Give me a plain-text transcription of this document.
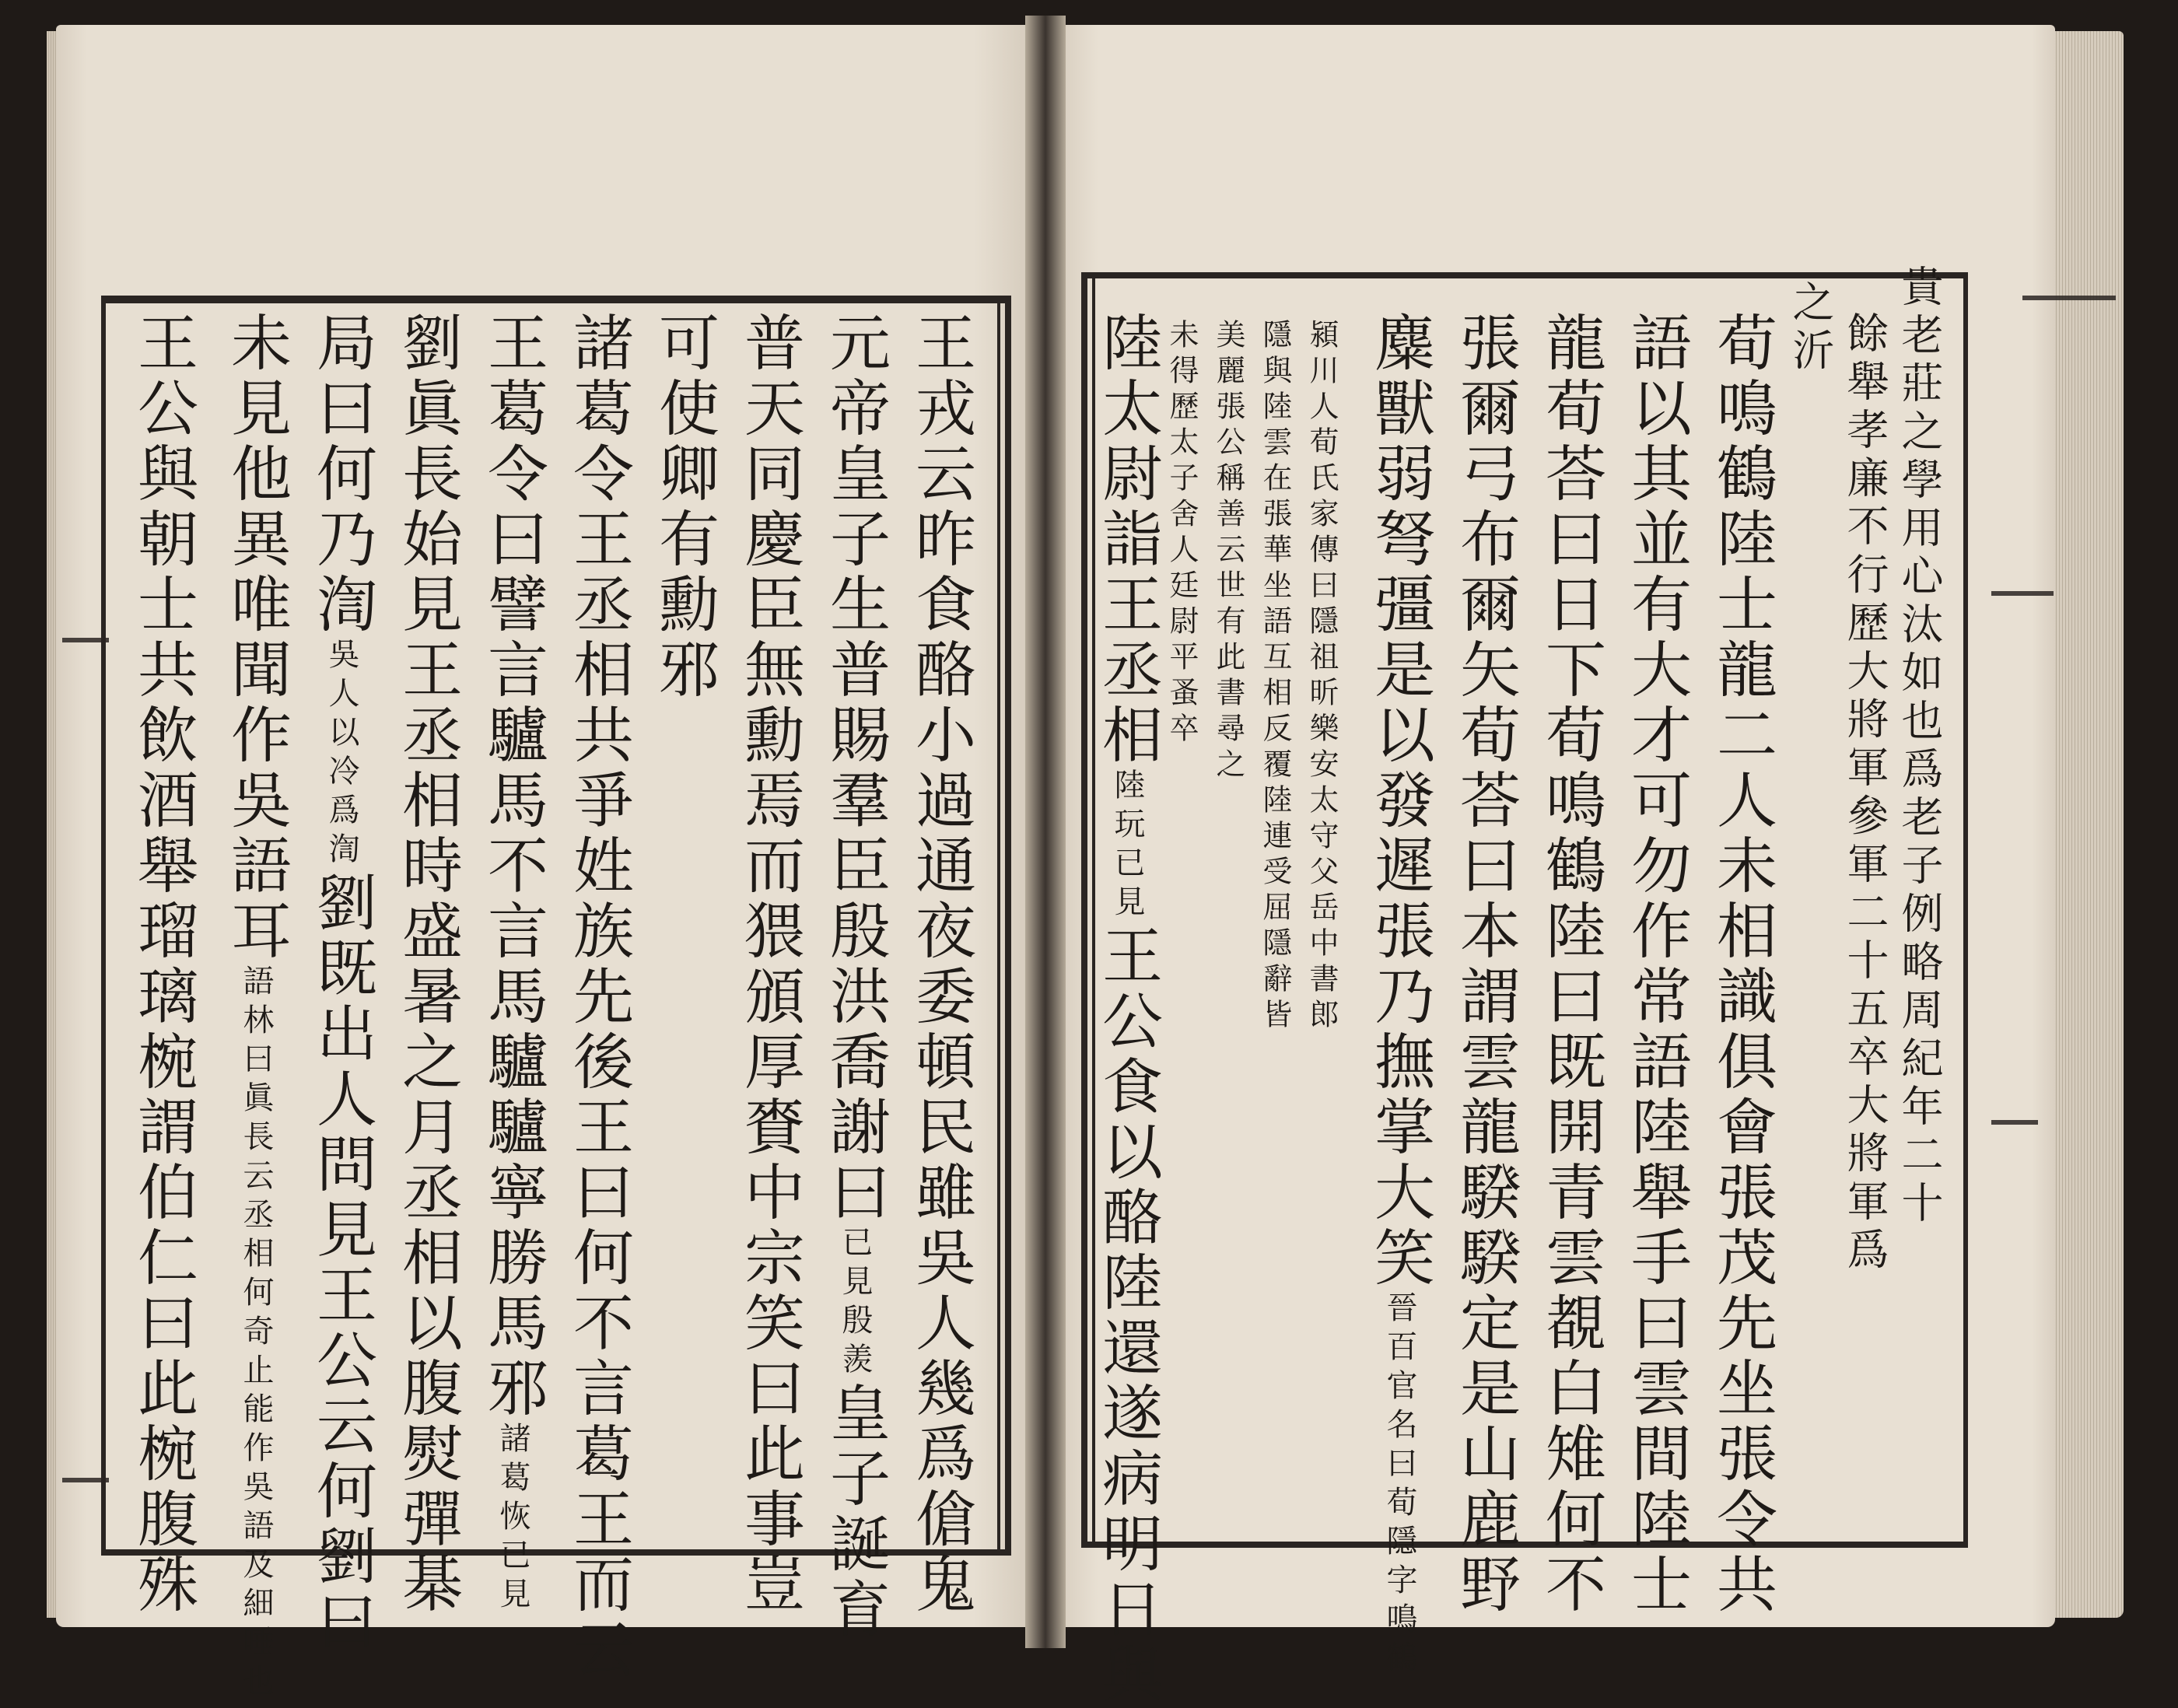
王戎云昨食酪小過通夜委頓民雖吳人幾爲傖鬼
元帝皇子生普賜羣臣殷洪喬謝曰已見殷羨皇子誕育
普天同慶臣無勳焉而猥頒厚賚中宗笑曰此事豈
可使卿有勳邪
諸葛令王丞相共爭姓族先後王曰何不言葛王而云
王葛令曰譬言驢馬不言馬驢驢寧勝馬邪諸葛恢已見
劉眞長始見王丞相時盛暑之月丞相以腹熨彈棊
局曰何乃渹吳人以冷爲渹劉既出人問見王公云何劉曰
未見他異唯聞作吳語耳語林曰眞長云丞相何奇止能作吳語及細唾也
王公與朝士共飲酒舉瑠璃椀謂伯仁曰此椀腹殊	貴老莊之學用心汰如也爲老子例略周紀年二十
餘舉孝廉不行歷大將軍參軍二十五卒大將軍爲
之沂
荀鳴鶴陸士龍二人未相識俱會張茂先坐張令共
語以其並有大才可勿作常語陸舉手曰雲間陸士
龍荀荅曰日下荀鳴鶴陸曰既開青雲覩白雉何不
張爾弓布爾矢荀荅曰本謂雲龍騤騤定是山鹿野
麋獸弱弩彊是以發遲張乃撫掌大笑晉百官名曰荀隱字鳴鶴
潁川人荀氏家傳曰隱祖昕樂安太守父岳中書郎
隱與陸雲在張華坐語互相反覆陸連受屈隱辭皆
美麗張公稱善云世有此書尋之
未得歷太子舍人廷尉平蚤卒
陸太尉詣王丞相陸玩已見王公食以酪陸還遂病明日與
